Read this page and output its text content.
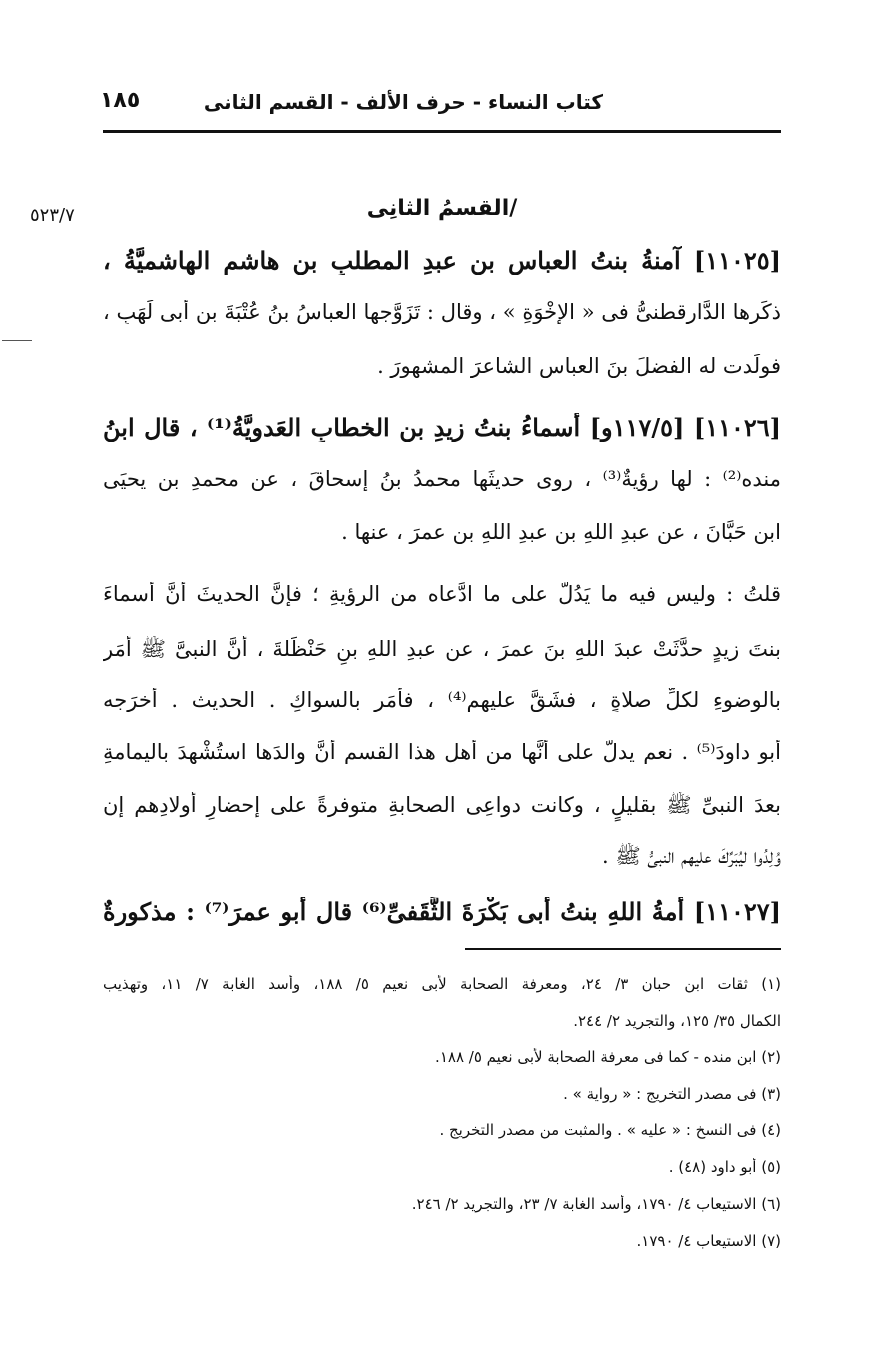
كتاب النساء - حرف الألف - القسم الثانى
١٨٥
٥٢٣/٧	/القسمُ الثانِى
[١١٠٢٥] آمنةُ بنتُ العباسِ بنِ عبدِ المطلبِ بنِ هاشمٍ الهاشميَّةُ ،
ذكَرها الدَّارقطنىُّ فى « الإخْوَةِ » ، وقال : تَزَوَّجها العباسُ بنُ عُتْبَةَ بنِ أبى لَهَبٍ ،
فولَدت له الفضلَ بنَ العباسِ الشاعرَ المشهورَ .
[١١٠٢٦] [١١٧/٥و] أسماءُ بنتُ زيدِ بنِ الخطابِ العَدويَّةُ⁽¹⁾ ، قال ابنُ
منده⁽²⁾ : لها رؤيةٌ⁽³⁾ ، روى حديثَها محمدُ بنُ إسحاقَ ، عن محمدِ بنِ يحيَى
ابنِ حَبَّانَ ، عن عبدِ اللهِ بنِ عبدِ اللهِ بنِ عمرَ ، عنها .
قلتُ : وليس فيه ما يَدُلُّ على ما ادَّعاه من الرؤيةِ ؛ فإنَّ الحديثَ أنَّ أسماءَ
بنتَ زيدٍ حدَّثَتْ عبدَ اللهِ بنَ عمرَ ، عن عبدِ اللهِ بنِ حَنْظَلةَ ، أنَّ النبىَّ ﷺ أمَر
بالوضوءِ لكلِّ صلاةٍ ، فشَقَّ عليهم⁽⁴⁾ ، فأمَر بالسواكِ . الحديث . أخرَجه
أبو داودَ⁽⁵⁾ . نعم يدلُّ على أنَّها من أهلِ هذا القسمِ أنَّ والدَها استُشْهِدَ باليمامةِ
بعدَ النبىِّ ﷺ بقليلٍ ، وكانت دواعِى الصحابةِ متوفرةً على إحضارِ أولادِهم إن
وُلِدُوا ليُبَرِّكَ عليهم النبىُّ ﷺ .
[١١٠٢٧] أمةُ اللهِ بنتُ أبى بَكْرَةَ الثَّقَفىِّ⁽⁶⁾ قال أبو عمرَ⁽⁷⁾ : مذكورةٌ
(١) ثقات ابن حبان ٣/ ٢٤، ومعرفة الصحابة لأبى نعيم ٥/ ١٨٨، وأسد الغابة ٧/ ١١، وتهذيب
الكمال ٣٥/ ١٢٥، والتجريد ٢/ ٢٤٤.
(٢) ابن منده - كما فى معرفة الصحابة لأبى نعيم ٥/ ١٨٨.
(٣) فى مصدر التخريج : « رواية » .
(٤) فى النسخ : « عليه » . والمثبت من مصدر التخريج .
(٥) أبو داود (٤٨) .
(٦) الاستيعاب ٤/ ١٧٩٠، وأسد الغابة ٧/ ٢٣، والتجريد ٢/ ٢٤٦.
(٧) الاستيعاب ٤/ ١٧٩٠.
